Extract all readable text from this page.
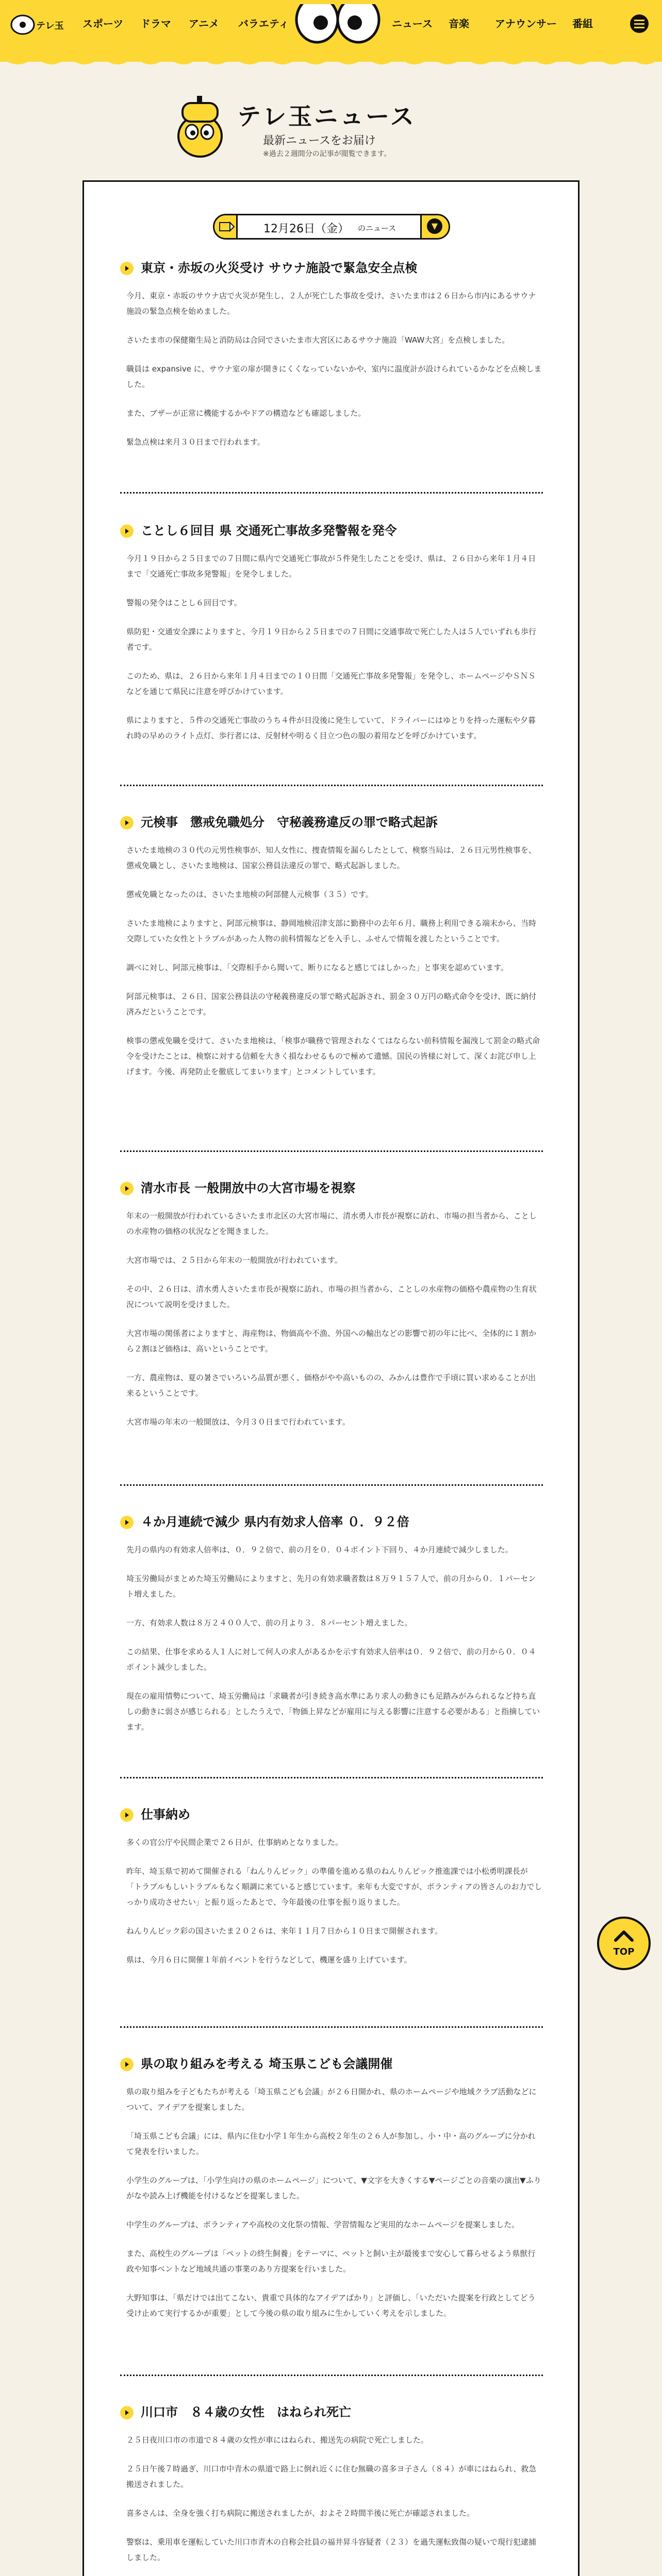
テレ玉 スポーツ ドラマ アニメ バラエティ	ニュース 音楽	アナウンサー 番組
テレ玉ニュース
最新ニュースをお届け
※過去２週間分の記事が閲覧できます。
12月26日（金） のニュース	▼
東京・赤坂の火災受け サウナ施設で緊急安全点検

今月、東京・赤坂のサウナ店で火災が発生し、２人が死亡した事故を受け、さいたま市は２６日から市内にあるサウナ施設の緊急点検を始めました。

さいたま市の保健衛生局と消防局は合同でさいたま市大宮区にあるサウナ施設「WAW大宮」を点検しました。

職員は expansive に、サウナ室の扉が開きにくくなっていないかや、室内に温度計が設けられているかなどを点検しました。

また、ブザーが正常に機能するかやドアの構造なども確認しました。

緊急点検は来月３０日まで行われます。

ことし６回目 県 交通死亡事故多発警報を発令

今月１９日から２５日までの７日間に県内で交通死亡事故が５件発生したことを受け、県は、２６日から来年１月４日まで「交通死亡事故多発警報」を発令しました。

警報の発令はことし６回目です。

県防犯・交通安全課によりますと、今月１９日から２５日までの７日間に交通事故で死亡した人は５人でいずれも歩行者です。

このため、県は、２６日から来年１月４日までの１０日間「交通死亡事故多発警報」を発令し、ホームページやＳＮＳなどを通じて県民に注意を呼びかけています。

県によりますと、５件の交通死亡事故のうち４件が日没後に発生していて、ドライバーにはゆとりを持った運転や夕暮れ時の早めのライト点灯、歩行者には、反射材や明るく目立つ色の服の着用などを呼びかけています。

元検事　懲戒免職処分　守秘義務違反の罪で略式起訴

さいたま地検の３０代の元男性検事が、知人女性に、捜査情報を漏らしたとして、検察当局は、２６日元男性検事を、懲戒免職とし、さいたま地検は、国家公務員法違反の罪で、略式起訴しました。

懲戒免職となったのは、さいたま地検の阿部健人元検事（３５）です。

さいたま地検によりますと、阿部元検事は、静岡地検沼津支部に勤務中の去年６月、職務上利用できる端末から、当時交際していた女性とトラブルがあった人物の前科情報などを入手し、ふせんで情報を渡したということです。

調べに対し、阿部元検事は、「交際相手から聞いて、断りになると感じてはしかった」と事実を認めています。

阿部元検事は、２６日、国家公務員法の守秘義務違反の罪で略式起訴され、罰金３０万円の略式命令を受け、既に納付済みだということです。

検事の懲戒免職を受けて、さいたま地検は、「検事が職務で管理されなくてはならない前科情報を漏洩して罰金の略式命令を受けたことは、検察に対する信頼を大きく損なわせるもので極めて遺憾。国民の皆様に対して、深くお詫び申し上げます。今後、再発防止を徹底してまいります」とコメントしています。

清水市長 一般開放中の大宮市場を視察

年末の一般開放が行われているさいたま市北区の大宮市場に、清水勇人市長が視察に訪れ、市場の担当者から、ことしの水産物の価格の状況などを聞きました。

大宮市場では、２５日から年末の一般開放が行われています。

その中、２６日は、清水勇人さいたま市長が視察に訪れ、市場の担当者から、ことしの水産物の価格や農産物の生育状況について説明を受けました。

大宮市場の関係者によりますと、海産物は、物価高や不漁、外国への輸出などの影響で初の年に比べ、全体的に１割から２割ほど価格は、高いということです。

一方、農産物は、夏の暑さでいろいろ品質が悪く、価格がやや高いものの、みかんは豊作で手頃に買い求めることが出来るということです。

大宮市場の年末の一般開放は、今月３０日まで行われています。

４か月連続で減少 県内有効求人倍率 ０．９２倍

先月の県内の有効求人倍率は、０．９２倍で、前の月を０．０４ポイント下回り、４か月連続で減少しました。

埼玉労働局がまとめた埼玉労働局によりますと、先月の有効求職者数は８万９１５７人で、前の月から０．１パーセント増えました。

一方、有効求人数は８万２４００人で、前の月より３．８パーセント増えました。

この結果、仕事を求める人１人に対して何人の求人があるかを示す有効求人倍率は０．９２倍で、前の月から０．０４ポイント減少しました。

現在の雇用情勢について、埼玉労働局は「求職者が引き続き高水準にあり求人の動きにも足踏みがみられるなど持ち直しの動きに弱さが感じられる」としたうえで、「物価上昇などが雇用に与える影響に注意する必要がある」と指摘しています。

仕事納め

多くの官公庁や民間企業で２６日が、仕事納めとなりました。

昨年、埼玉県で初めて開催される「ねんりんピック」の準備を進める県のねんりんピック推進課では小松勇明課長が「トラブルもしいトラブルもなく順調に来ていると感じています。来年も大変ですが、ボランティアの皆さんのお力でしっかり成功させたい」と振り返ったあとで、今年最後の仕事を振り返りました。

ねんりんピック彩の国さいたま２０２６は、来年１１月７日から１０日まで開催されます。

県は、今月６日に開催１年前イベントを行うなどして、機運を盛り上げています。

県の取り組みを考える 埼玉県こども会議開催

県の取り組みを子どもたちが考える「埼玉県こども会議」が２６日開かれ、県のホームページや地域クラブ活動などについて、アイデアを提案しました。

「埼玉県こども会議」には、県内に住む小学１年生から高校２年生の２６人が参加し、小・中・高のグループに分かれて発表を行いました。

小学生のグループは、「小学生向けの県のホームページ」について、▼文字を大きくする▼ページごとの音楽の演出▼ふりがなや読み上げ機能を付けるなどを提案しました。

中学生のグループは、ボランティアや高校の文化祭の情報、学習情報など実用的なホームページを提案しました。

また、高校生のグループは「ペットの終生飼養」をテーマに、ペットと飼い主が最後まで安心して暮らせるよう県獣行政や知事ベントなど地域共通の事業のあり方提案を行いました。

大野知事は、「県だけでは出てこない、貴重で具体的なアイデアばかり」と評価し、「いただいた提案を行政としてどう受け止めて実行するかが重要」として今後の県の取り組みに生かしていく考えを示しました。

川口市　８４歳の女性　はねられ死亡

２５日夜川口市の市道で８４歳の女性が車にはねられ、搬送先の病院で死亡しました。

２５日午後７時過ぎ、川口市中青木の県道で路上に倒れ近くに住む無職の喜多ヨ子さん（８４）が車にはねられ、救急搬送されました。

喜多さんは、全身を強く打ち病院に搬送されましたが、およそ２時間半後に死亡が確認されました。

警察は、乗用車を運転していた川口市青木の自称会社員の福井昇斗容疑者（２３）を過失運転致傷の疑いで現行犯逮捕しました。

TOP
